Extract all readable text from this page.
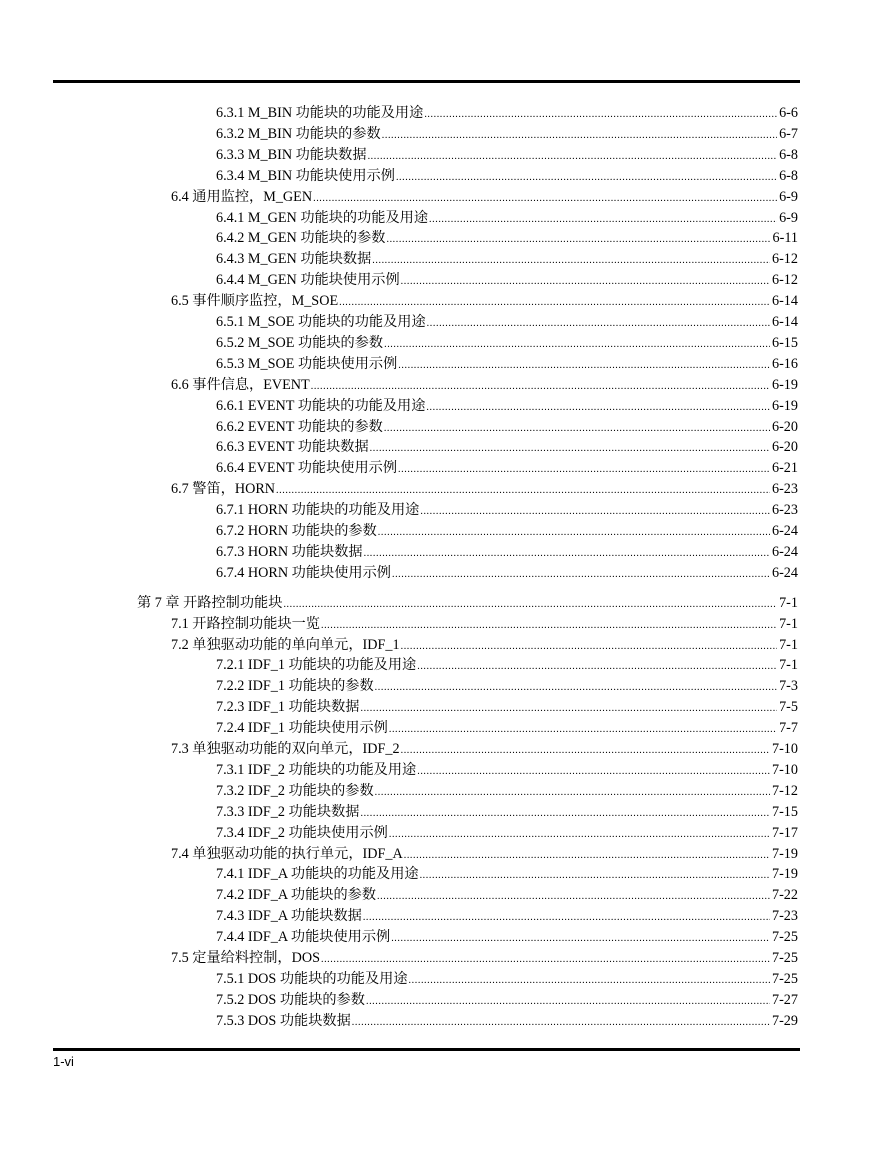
6.3.1 M_BIN 功能块的功能及用途 .....	6-6
6.3.2 M_BIN 功能块的参数 .....	6-7
6.3.3 M_BIN 功能块数据 .....	6-8
6.3.4 M_BIN 功能块使用示例 .....	6-8
6.4 通用监控，M_GEN .....	6-9
6.4.1 M_GEN 功能块的功能及用途 .....	6-9
6.4.2 M_GEN 功能块的参数 .....	6-11
6.4.3 M_GEN 功能块数据 .....	6-12
6.4.4 M_GEN 功能块使用示例 .....	6-12
6.5 事件顺序监控，M_SOE .....	6-14
6.5.1 M_SOE 功能块的功能及用途 .....	6-14
6.5.2 M_SOE 功能块的参数 .....	6-15
6.5.3 M_SOE 功能块使用示例 .....	6-16
6.6 事件信息，EVENT .....	6-19
6.6.1 EVENT 功能块的功能及用途 .....	6-19
6.6.2 EVENT 功能块的参数 .....	6-20
6.6.3 EVENT 功能块数据 .....	6-20
6.6.4 EVENT 功能块使用示例 .....	6-21
6.7 警笛，HORN .....	6-23
6.7.1 HORN 功能块的功能及用途 .....	6-23
6.7.2 HORN 功能块的参数 .....	6-24
6.7.3 HORN 功能块数据 .....	6-24
6.7.4 HORN 功能块使用示例 .....	6-24
第 7 章 开路控制功能块 .....	7-1
7.1 开路控制功能块一览 .....	7-1
7.2 单独驱动功能的单向单元，IDF_1 .....	7-1
7.2.1 IDF_1 功能块的功能及用途 .....	7-1
7.2.2 IDF_1 功能块的参数 .....	7-3
7.2.3 IDF_1 功能块数据 .....	7-5
7.2.4 IDF_1 功能块使用示例 .....	7-7
7.3 单独驱动功能的双向单元，IDF_2 .....	7-10
7.3.1 IDF_2 功能块的功能及用途 .....	7-10
7.3.2 IDF_2 功能块的参数 .....	7-12
7.3.3 IDF_2 功能块数据 .....	7-15
7.3.4 IDF_2 功能块使用示例 .....	7-17
7.4 单独驱动功能的执行单元，IDF_A .....	7-19
7.4.1 IDF_A 功能块的功能及用途 .....	7-19
7.4.2 IDF_A 功能块的参数 .....	7-22
7.4.3 IDF_A 功能块数据 .....	7-23
7.4.4 IDF_A 功能块使用示例 .....	7-25
7.5 定量给料控制，DOS .....	7-25
7.5.1 DOS 功能块的功能及用途 .....	7-25
7.5.2 DOS 功能块的参数 .....	7-27
7.5.3 DOS 功能块数据 .....	7-29
1-vi
